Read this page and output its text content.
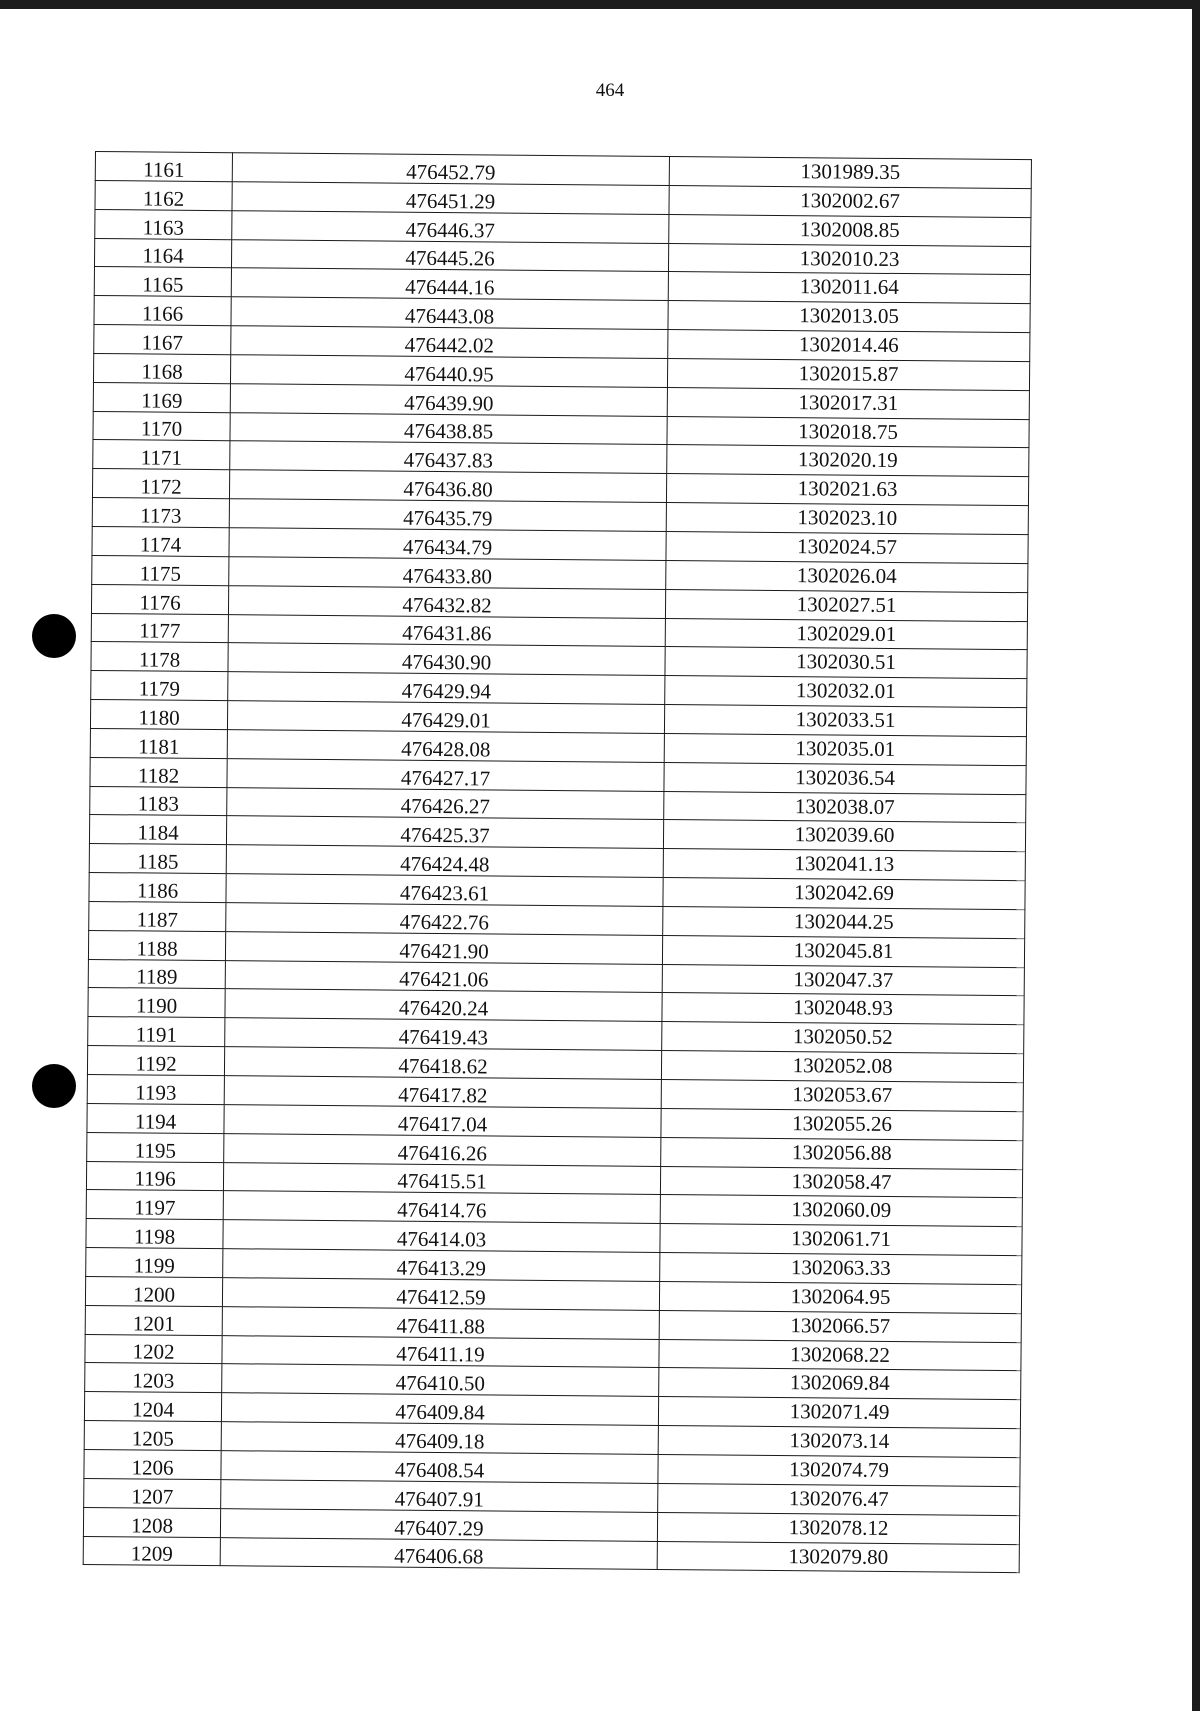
464
1161	476452.79	1301989.35
1162	476451.29	1302002.67
1163	476446.37	1302008.85
1164	476445.26	1302010.23
1165	476444.16	1302011.64
1166	476443.08	1302013.05
1167	476442.02	1302014.46
1168	476440.95	1302015.87
1169	476439.90	1302017.31
1170	476438.85	1302018.75
1171	476437.83	1302020.19
1172	476436.80	1302021.63
1173	476435.79	1302023.10
1174	476434.79	1302024.57
1175	476433.80	1302026.04
1176	476432.82	1302027.51
1177	476431.86	1302029.01
1178	476430.90	1302030.51
1179	476429.94	1302032.01
1180	476429.01	1302033.51
1181	476428.08	1302035.01
1182	476427.17	1302036.54
1183	476426.27	1302038.07
1184	476425.37	1302039.60
1185	476424.48	1302041.13
1186	476423.61	1302042.69
1187	476422.76	1302044.25
1188	476421.90	1302045.81
1189	476421.06	1302047.37
1190	476420.24	1302048.93
1191	476419.43	1302050.52
1192	476418.62	1302052.08
1193	476417.82	1302053.67
1194	476417.04	1302055.26
1195	476416.26	1302056.88
1196	476415.51	1302058.47
1197	476414.76	1302060.09
1198	476414.03	1302061.71
1199	476413.29	1302063.33
1200	476412.59	1302064.95
1201	476411.88	1302066.57
1202	476411.19	1302068.22
1203	476410.50	1302069.84
1204	476409.84	1302071.49
1205	476409.18	1302073.14
1206	476408.54	1302074.79
1207	476407.91	1302076.47
1208	476407.29	1302078.12
1209	476406.68	1302079.80
